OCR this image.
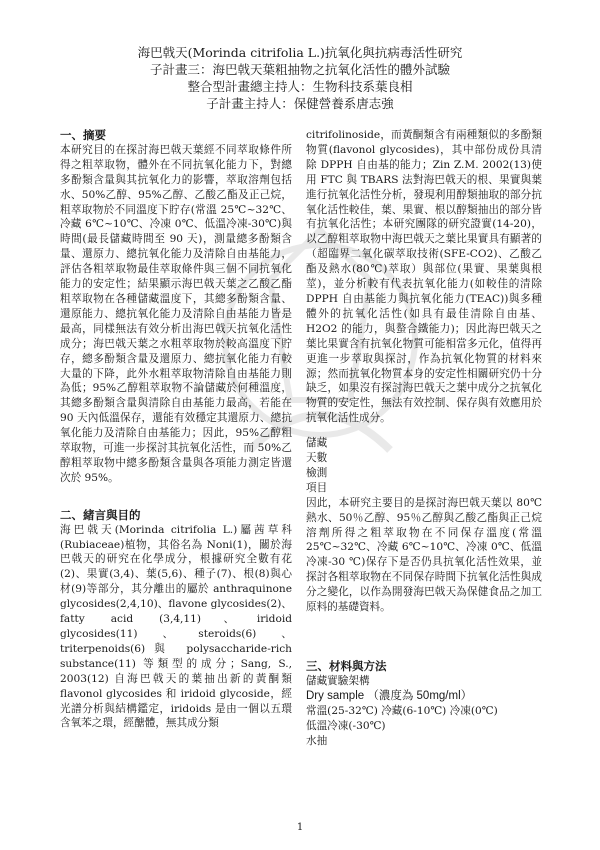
海巴戟天(Morinda citrifolia L.)抗氧化與抗病毒活性研究
子計畫三：海巴戟天葉粗抽物之抗氧化活性的體外試驗
整合型計畫總主持人：生物科技系葉良相
子計畫主持人：保健營養系唐志強

一、摘要

本研究目的在探討海巴戟天葉經不同萃取條件所得之粗萃取物，體外在不同抗氧化能力下，對總多酚類含量與其抗氧化力的影響，萃取溶劑包括水、50%乙醇、95%乙醇、乙酸乙酯及正己烷，粗萃取物於不同溫度下貯存(常溫 25℃~32℃、冷藏 6℃~10℃、冷凍 0℃、低溫冷凍-30℃)與時間(最長儲藏時間至 90 天)，測量總多酚類含量、還原力、總抗氧化能力及清除自由基能力，評估各粗萃取物最佳萃取條件與三個不同抗氧化能力的安定性；結果顯示海巴戟天葉之乙酸乙酯粗萃取物在各種儲藏溫度下，其總多酚類含量、還原能力、總抗氧化能力及清除自由基能力皆是最高，同樣無法有效分析出海巴戟天抗氧化活性成分；海巴戟天葉之水粗萃取物於較高溫度下貯存，總多酚類含量及還原力、總抗氧化能力有較大量的下降，此外水粗萃取物清除自由基能力則為低；95%乙醇粗萃取物不論儲藏於何種溫度，其總多酚類含量與清除自由基能力最高，若能在 90 天內低溫保存，還能有效穩定其還原力、總抗氧化能力及清除自由基能力；因此，95%乙醇粗萃取物，可進一步探討其抗氧化活性，而 50%乙醇粗萃取物中總多酚類含量與各項能力測定皆還次於 95%。

二、緒言與目的

海巴戟天(Morinda citrifolia L.)屬茜草科(Rubiaceae)植物，其俗名為 Noni(1)，關於海巴戟天的研究在化學成分，根據研究全數有花(2)、果實(3,4)、葉(5,6)、種子(7)、根(8)與心材(9)等部分，其分離出的屬於 anthraquinone glycosides(2,4,10)、flavone glycosides(2)、fatty acid (3,4,11)、iridoid glycosides(11)、steroids(6)、triterpenoids(6)與 polysaccharide-rich substance(11) 等類型的成分；Sang, S., 2003(12) 自海巴戟天的葉抽出新的黃酮類 flavonol glycosides 和 iridoid glycoside，經光譜分析與結構鑑定，iridoids 是由一個以五環含氧苯之環，經醣體，無其成分類

citrifolinoside，而黃酮類含有兩種類似的多酚類物質(flavonol glycosides)，其中部份成份具清除 DPPH 自由基的能力；Zin Z.M. 2002(13)使用 FTC 與 TBARS 法對海巴戟天的根、果實與葉進行抗氧化活性分析，發現利用醇類抽取的部分抗氧化活性較佳，葉、果實、根以醇類抽出的部分皆有抗氧化活性；本研究團隊的研究證實(14-20)，以乙醇粗萃取物中海巴戟天之葉比果實具有顯著的（超臨界二氧化碳萃取技術(SFE-CO2)、乙酸乙酯及熱水(80℃)萃取）與部位(果實、果葉與根莖)，並分析較有代表抗氧化能力(如較佳的清除 DPPH 自由基能力與抗氧化能力(TEAC))與多種體外的抗氧化活性(如具有最佳清除自由基、H2O2 的能力，與螯合鐵能力)；因此海巴戟天之葉比果實含有抗氧化物質可能相當多元化，值得再更進一步萃取與探討，作為抗氧化物質的材料來源；然而抗氧化物質本身的安定性相關研究仍十分缺乏，如果沒有探討海巴戟天之葉中成分之抗氧化物質的安定性，無法有效控制、保存與有效應用於抗氧化活性成分。

儲藏

天數

檢測

項目

因此，本研究主要目的是探討海巴戟天葉以 80℃熱水、50％乙醇、95％乙醇與乙酸乙酯與正己烷溶劑所得之粗萃取物在不同保存溫度(常溫 25℃~32℃、冷藏 6℃~10℃、冷凍 0℃、低溫冷凍-30 ℃)保存下是否仍具抗氧化活性效果，並探討各粗萃取物在不同保存時間下抗氧化活性與成分之變化，以作為開發海巴戟天為保健食品之加工原料的基礎資料。

三、材料與方法

儲藏實驗架構

Dry sample （濃度為 50mg/ml）

常溫(25-32℃) 冷藏(6-10℃) 冷凍(0℃)

低溫冷凍(-30℃)

水抽

1
